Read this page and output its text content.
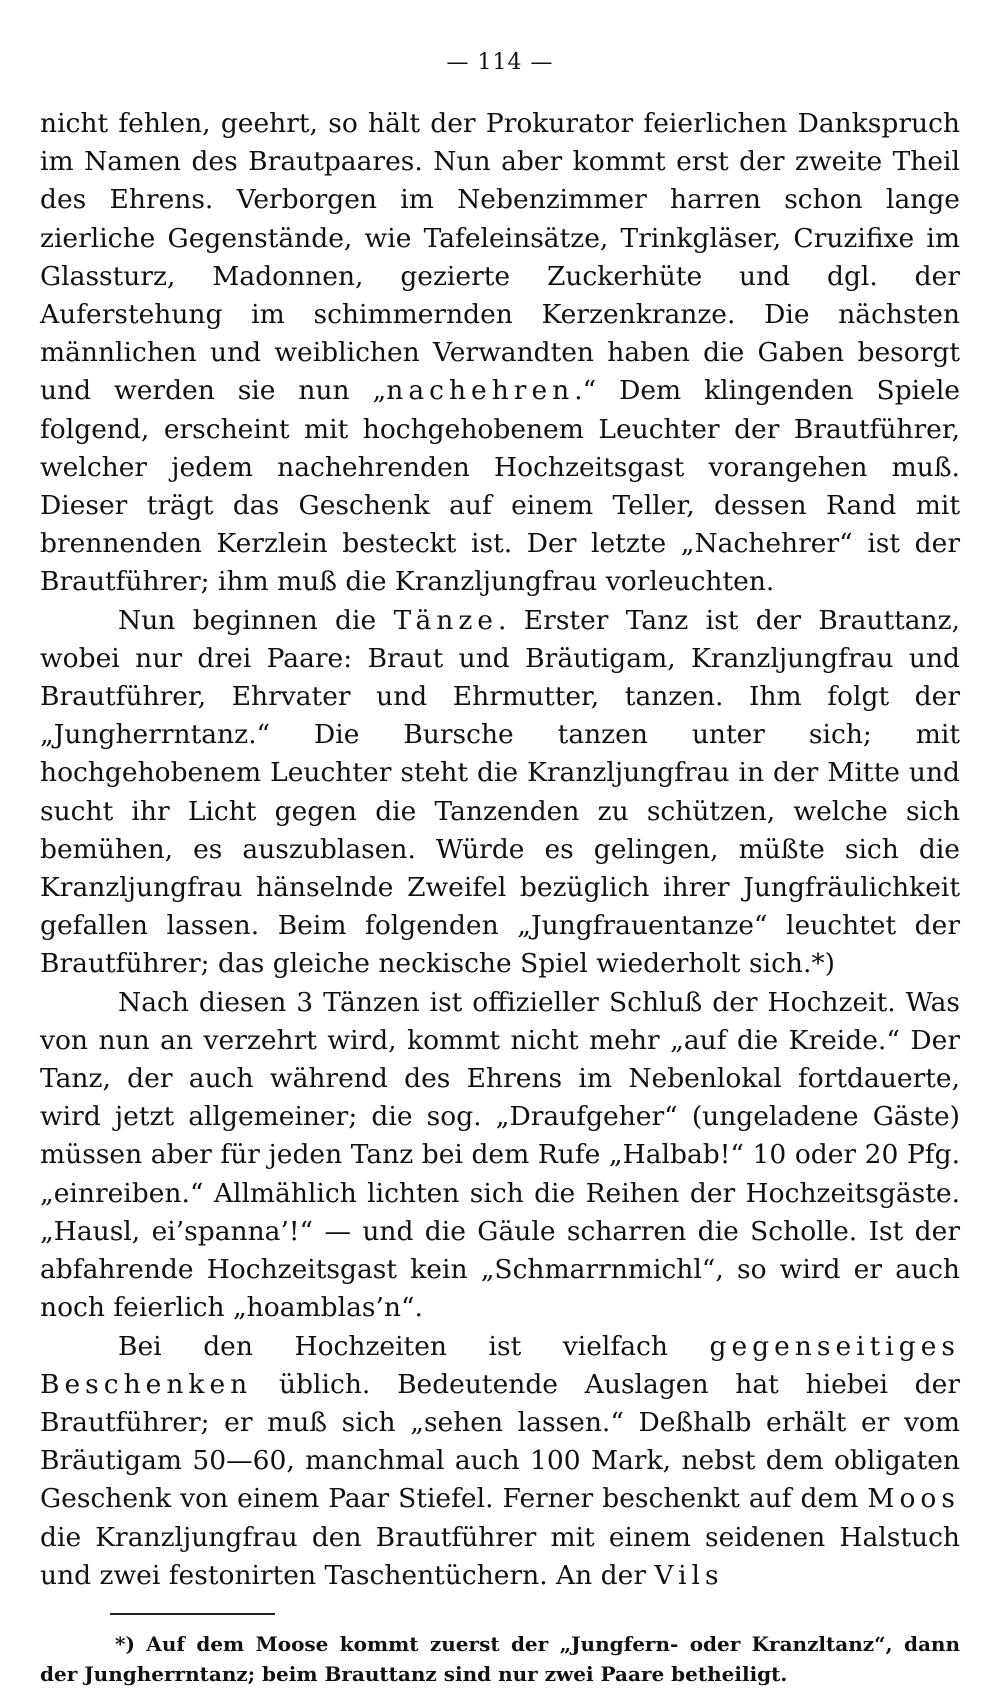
— 114 —

nicht fehlen, geehrt, so hält der Prokurator feierlichen Dankspruch im Namen des Brautpaares. Nun aber kommt erst der zweite Theil des Ehrens. Verborgen im Nebenzimmer harren schon lange zierliche Gegenstände, wie Tafeleinsätze, Trinkgläser, Cruzifixe im Glassturz, Madonnen, gezierte Zuckerhüte und dgl. der Auferstehung im schimmernden Kerzenkranze. Die nächsten männlichen und weiblichen Verwandten haben die Gaben besorgt und werden sie nun „nachehren.“ Dem klingenden Spiele folgend, erscheint mit hochgehobenem Leuchter der Brautführer, welcher jedem nachehrenden Hochzeitsgast vorangehen muß. Dieser trägt das Geschenk auf einem Teller, dessen Rand mit brennenden Kerzlein besteckt ist. Der letzte „Nachehrer“ ist der Brautführer; ihm muß die Kranzljungfrau vorleuchten.

Nun beginnen die Tänze. Erster Tanz ist der Brauttanz, wobei nur drei Paare: Braut und Bräutigam, Kranzljungfrau und Brautführer, Ehrvater und Ehrmutter, tanzen. Ihm folgt der „Jungherrntanz.“ Die Bursche tanzen unter sich; mit hochgehobenem Leuchter steht die Kranzljungfrau in der Mitte und sucht ihr Licht gegen die Tanzenden zu schützen, welche sich bemühen, es auszublasen. Würde es gelingen, müßte sich die Kranzljungfrau hänselnde Zweifel bezüglich ihrer Jungfräulichkeit gefallen lassen. Beim folgenden „Jungfrauentanze“ leuchtet der Brautführer; das gleiche neckische Spiel wiederholt sich.*)

Nach diesen 3 Tänzen ist offizieller Schluß der Hochzeit. Was von nun an verzehrt wird, kommt nicht mehr „auf die Kreide.“ Der Tanz, der auch während des Ehrens im Nebenlokal fortdauerte, wird jetzt allgemeiner; die sog. „Draufgeher“ (ungeladene Gäste) müssen aber für jeden Tanz bei dem Rufe „Halbab!“ 10 oder 20 Pfg. „einreiben.“ Allmählich lichten sich die Reihen der Hochzeitsgäste. „Hausl, ei’spanna’!“ — und die Gäule scharren die Scholle. Ist der abfahrende Hochzeitsgast kein „Schmarrnmichl“, so wird er auch noch feierlich „hoamblas’n“.

Bei den Hochzeiten ist vielfach gegenseitiges Beschenken üblich. Bedeutende Auslagen hat hiebei der Brautführer; er muß sich „sehen lassen.“ Deßhalb erhält er vom Bräutigam 50—60, manchmal auch 100 Mark, nebst dem obligaten Geschenk von einem Paar Stiefel. Ferner beschenkt auf dem Moos die Kranzljungfrau den Brautführer mit einem seidenen Halstuch und zwei festonirten Taschentüchern. An der Vils

*) Auf dem Moose kommt zuerst der „Jungfern- oder Kranzltanz“, dann der Jungherrntanz; beim Brauttanz sind nur zwei Paare betheiligt.
